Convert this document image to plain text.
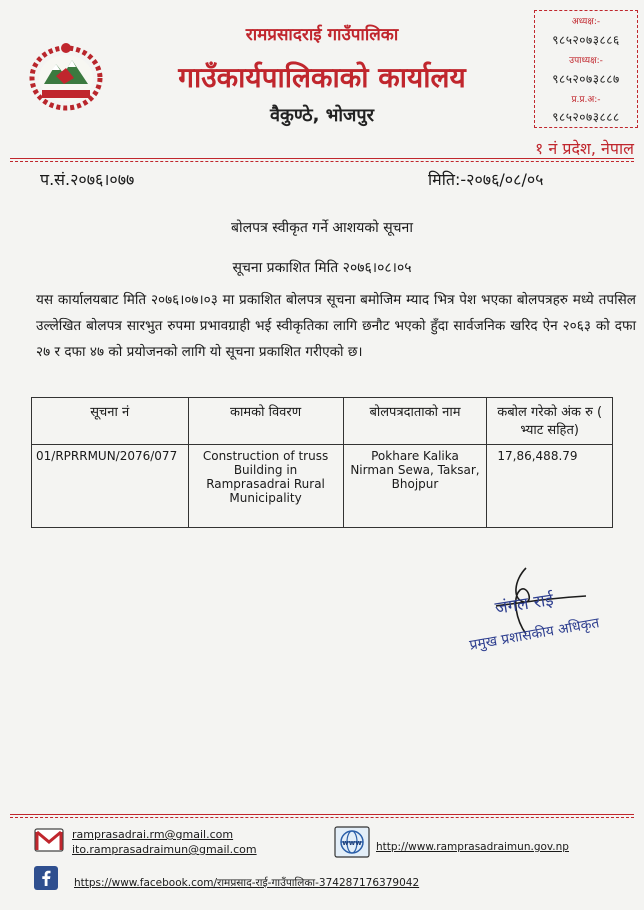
रामप्रसादराई गाउँपालिका
गाउँकार्यपालिकाको कार्यालय
वैकुण्ठे, भोजपुर
अध्यक्ष:-
९८५२०७३८८६
उपाध्यक्ष:-
९८५२०७३८८७
प्र.प्र.अ:-
९८५२०७३८८८
१ नं प्रदेश, नेपाल
प.सं.२०७६।०७७	मिति:-२०७६/०८/०५
बोलपत्र स्वीकृत गर्ने आशयको सूचना
सूचना प्रकाशित मिति २०७६।०८।०५
यस कार्यालयबाट मिति २०७६।०७।०३ मा प्रकाशित बोलपत्र सूचना बमोजिम म्याद भित्र पेश भएका बोलपत्रहरु मध्ये तपसिल उल्लेखित बोलपत्र सारभुत रुपमा प्रभावग्राही भई स्वीकृतिका लागि छनौट भएको हुँदा सार्वजनिक खरिद ऐन २०६३ को दफा २७ र दफा ४७ को प्रयोजनको लागि यो सूचना प्रकाशित गरीएको छ।
सूचना नं	कामको विवरण	बोलपत्रदाताको नाम	कबोल गरेको अंक रु ( भ्याट सहित)
01/RPRRMUN/2076/077	Construction of truss Building in Ramprasadrai Rural Municipality	Pokhare Kalika Nirman Sewa, Taksar, Bhojpur	17,86,488.79
जंगल राई
प्रमुख प्रशासकीय अधिकृत
ramprasadrai.rm@gmail.com
ito.ramprasadraimun@gmail.com	www http://www.ramprasadraimun.gov.np
https://www.facebook.com/रामप्रसाद-राई-गाउँपालिका-374287176379042
